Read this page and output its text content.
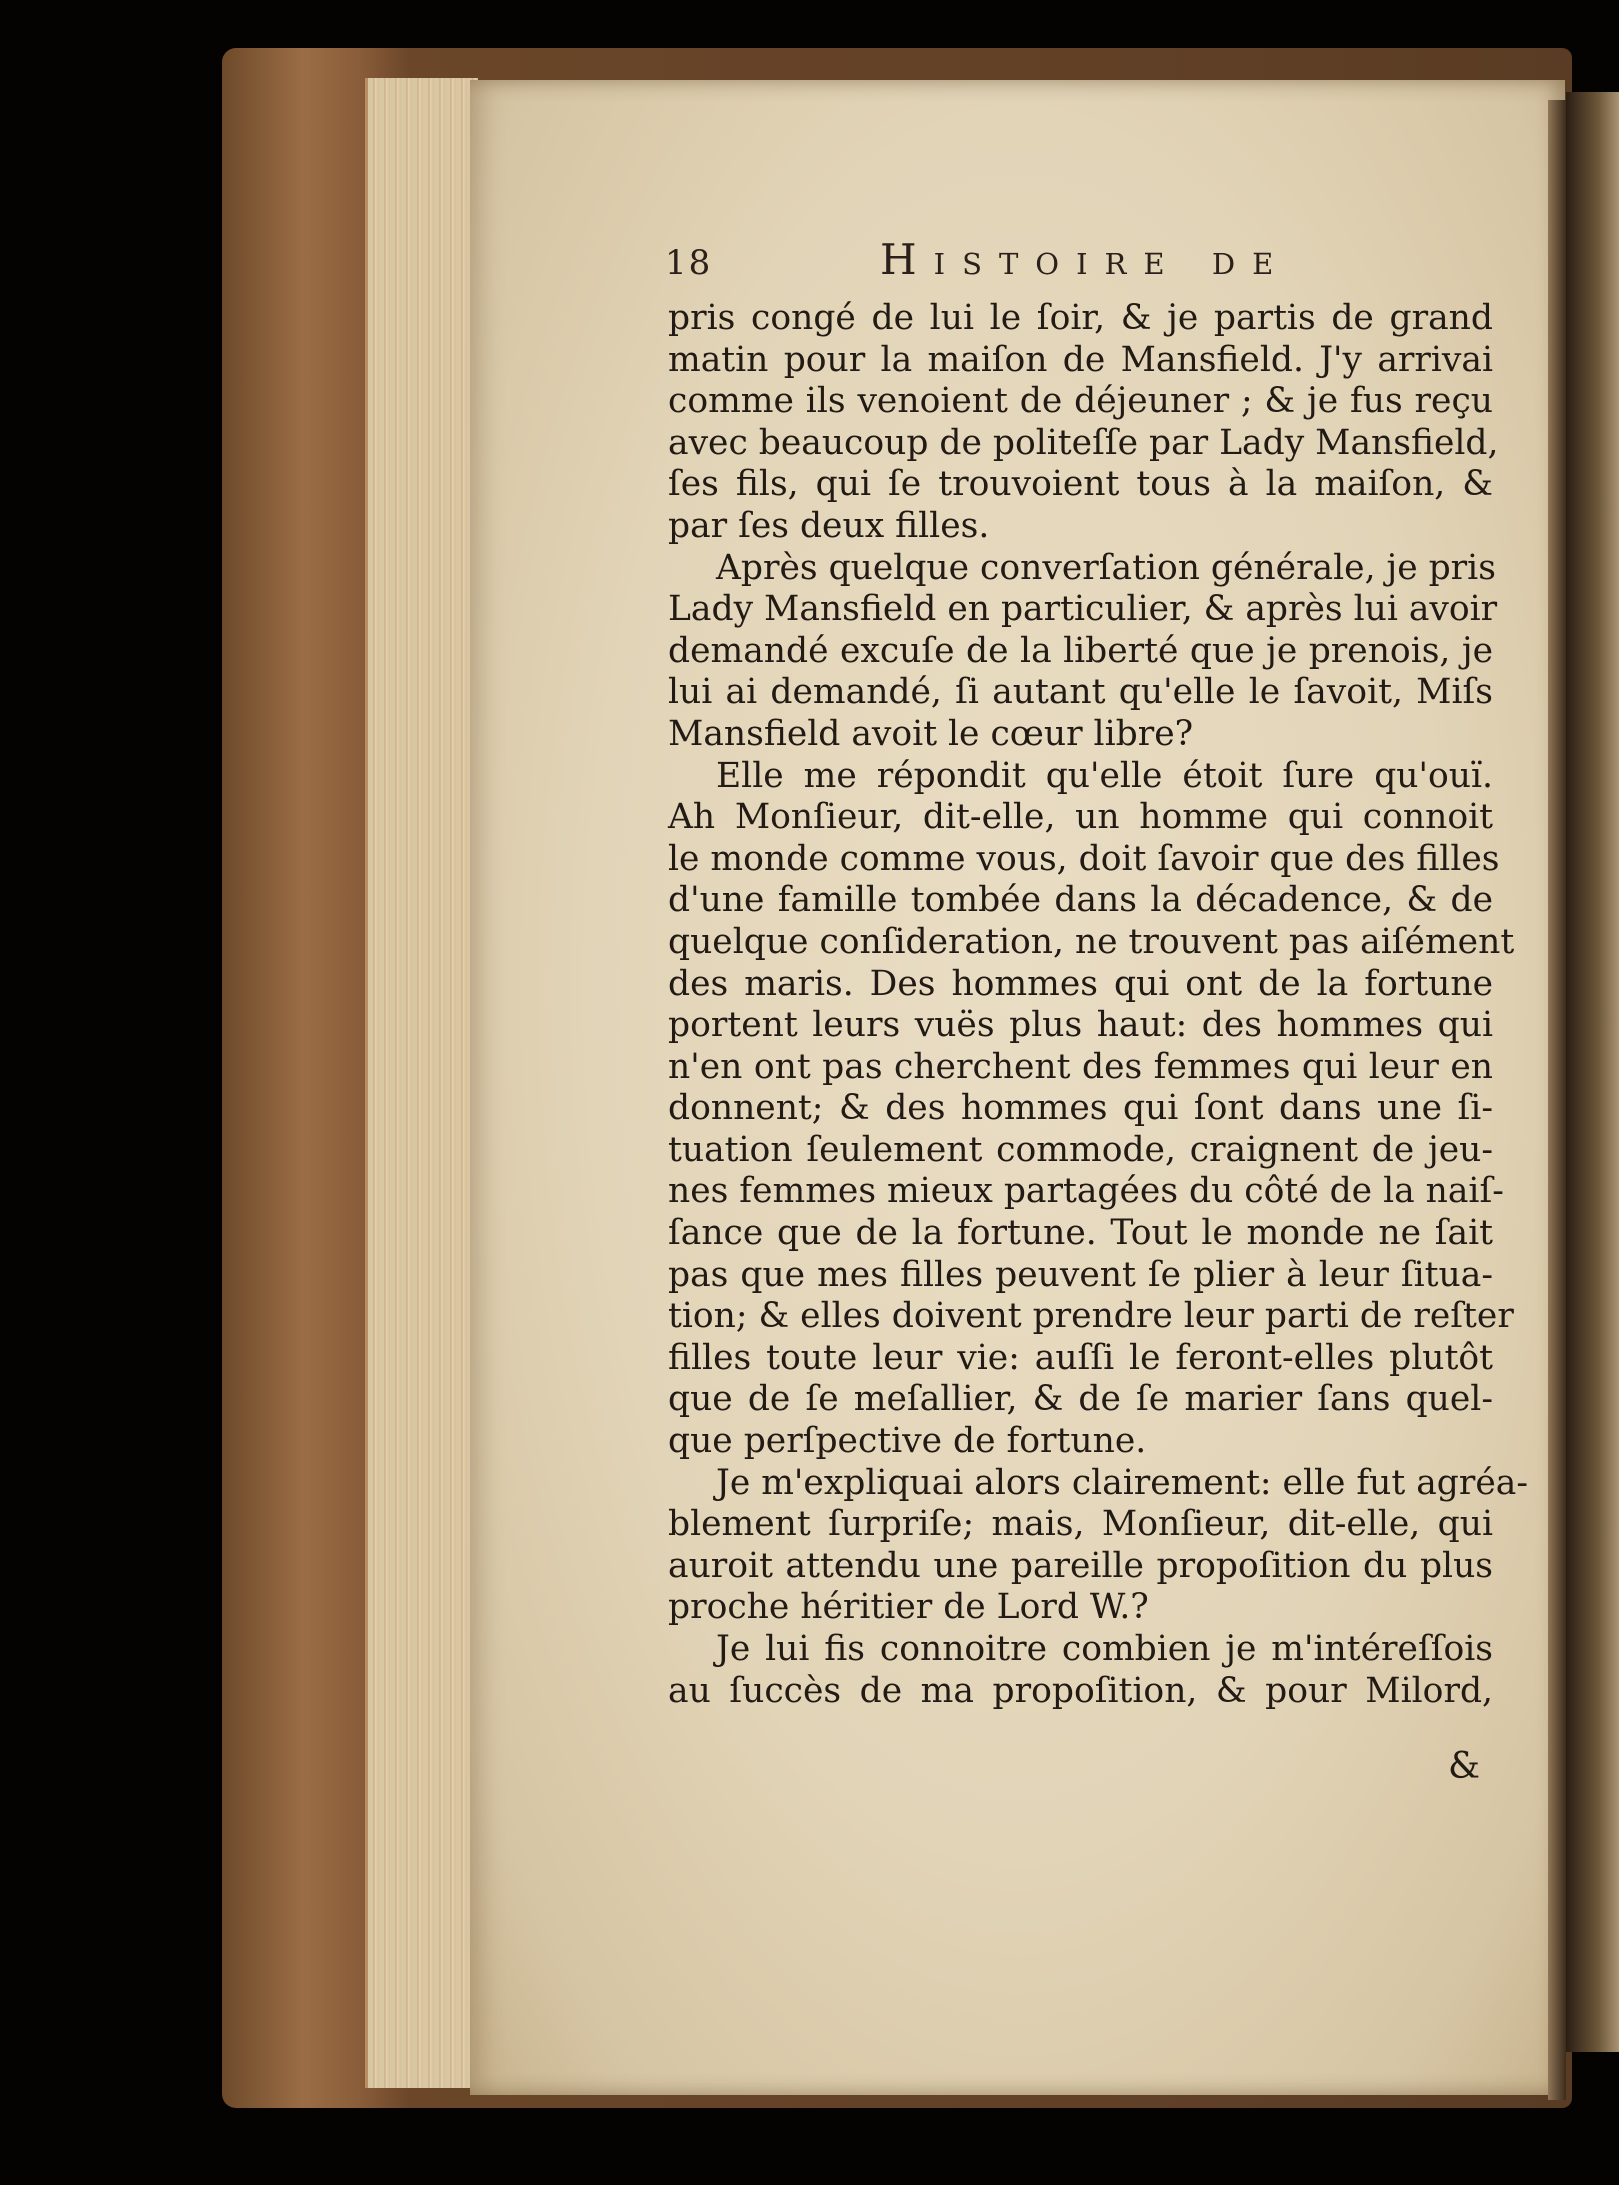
18	Histoire de
pris congé de lui le ſoir, & je partis de grand
matin pour la maiſon de Mansfield. J'y arrivai
comme ils venoient de déjeuner ; & je fus reçu
avec beaucoup de politeſſe par Lady Mansfield,
ſes fils, qui ſe trouvoient tous à la maiſon, &
par ſes deux filles.
Après quelque converſation générale, je pris
Lady Mansfield en particulier, & après lui avoir
demandé excuſe de la liberté que je prenois, je
lui ai demandé, ſi autant qu'elle le ſavoit, Miſs
Mansfield avoit le cœur libre?
Elle me répondit qu'elle étoit ſure qu'ouï.
Ah Monſieur, dit-elle, un homme qui connoit
le monde comme vous, doit ſavoir que des filles
d'une famille tombée dans la décadence, & de
quelque conſideration, ne trouvent pas aiſément
des maris. Des hommes qui ont de la fortune
portent leurs vuës plus haut: des hommes qui
n'en ont pas cherchent des femmes qui leur en
donnent; & des hommes qui ſont dans une ſi-
tuation ſeulement commode, craignent de jeu-
nes femmes mieux partagées du côté de la naiſ-
ſance que de la fortune. Tout le monde ne ſait
pas que mes filles peuvent ſe plier à leur ſitua-
tion; & elles doivent prendre leur parti de reſter
filles toute leur vie: auſſi le feront-elles plutôt
que de ſe meſallier, & de ſe marier ſans quel-
que perſpective de fortune.
Je m'expliquai alors clairement: elle fut agréa-
blement ſurpriſe; mais, Monſieur, dit-elle, qui
auroit attendu une pareille propoſition du plus
proche héritier de Lord W.?
Je lui fis connoitre combien je m'intéreſſois
au ſuccès de ma propoſition, & pour Milord,
&
